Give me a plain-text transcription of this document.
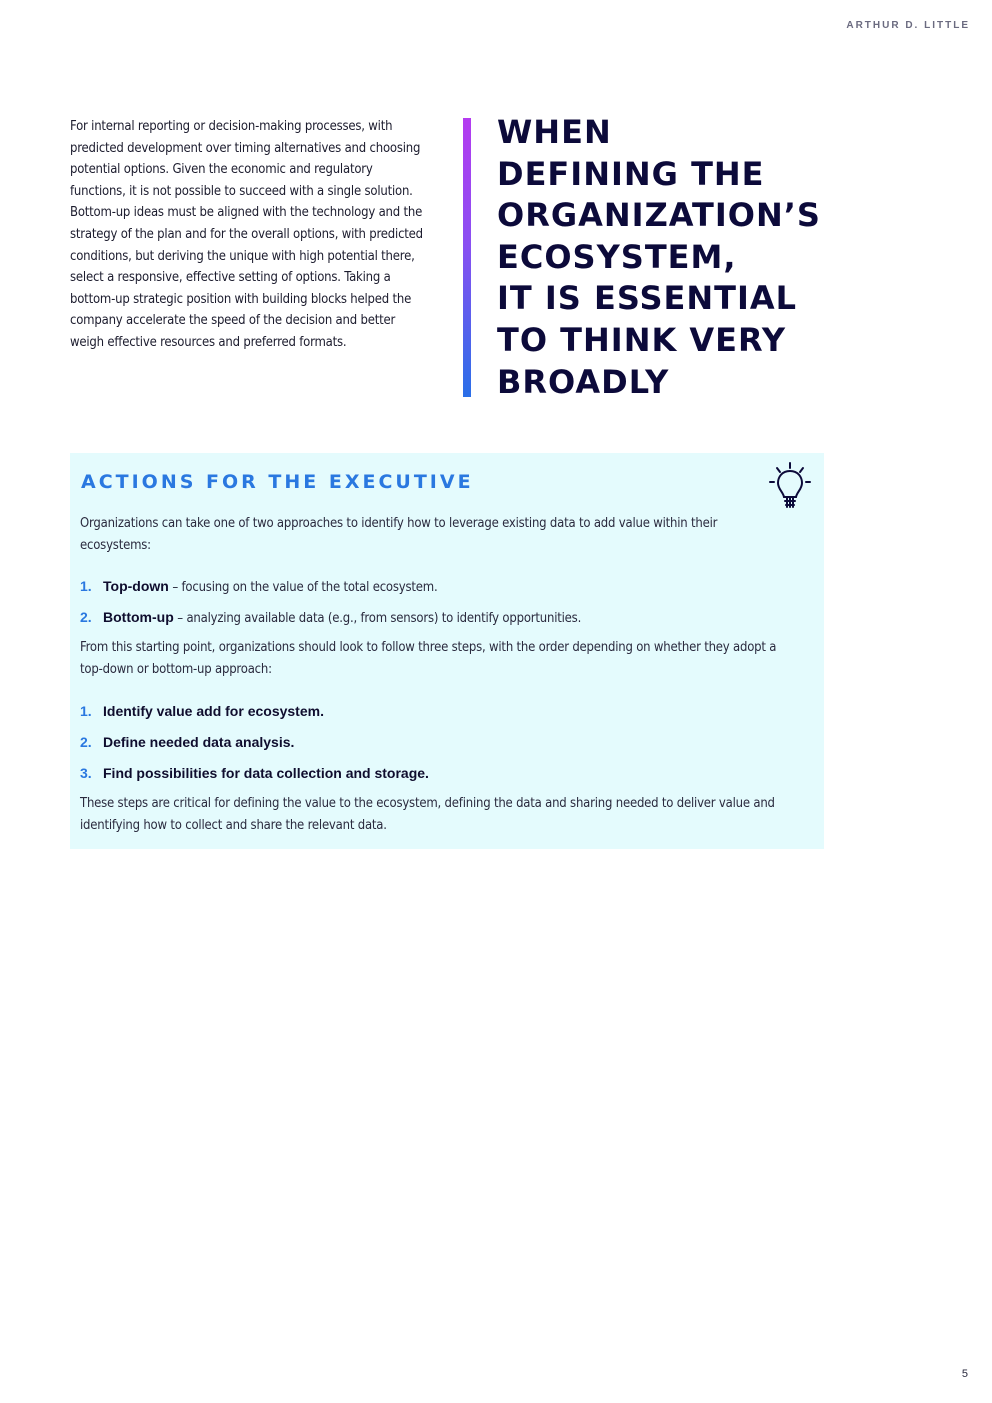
ARTHUR D. LITTLE
For internal reporting or decision-making processes, with predicted development over timing alternatives and choosing potential options. Given the economic and regulatory functions, it is not possible to succeed with a single solution. Bottom-up ideas must be aligned with the technology and the strategy of the plan and for the overall options, with predicted conditions, but deriving the unique with high potential there, select a responsive, effective setting of options. Taking a bottom-up strategic position with building blocks helped the company accelerate the speed of the decision and better weigh effective resources and preferred formats.
WHEN
DEFINING THE
ORGANIZATION’S
ECOSYSTEM,
IT IS ESSENTIAL
TO THINK VERY
BROADLY
ACTIONS FOR THE EXECUTIVE
Organizations can take one of two approaches to identify how to leverage existing data to add value within their ecosystems:
1. Top-down – focusing on the value of the total ecosystem.
2. Bottom-up – analyzing available data (e.g., from sensors) to identify opportunities.
From this starting point, organizations should look to follow three steps, with the order depending on whether they adopt a top-down or bottom-up approach:
1. Identify value add for ecosystem.
2. Define needed data analysis.
3. Find possibilities for data collection and storage.
These steps are critical for defining the value to the ecosystem, defining the data and sharing needed to deliver value and identifying how to collect and share the relevant data.
5
